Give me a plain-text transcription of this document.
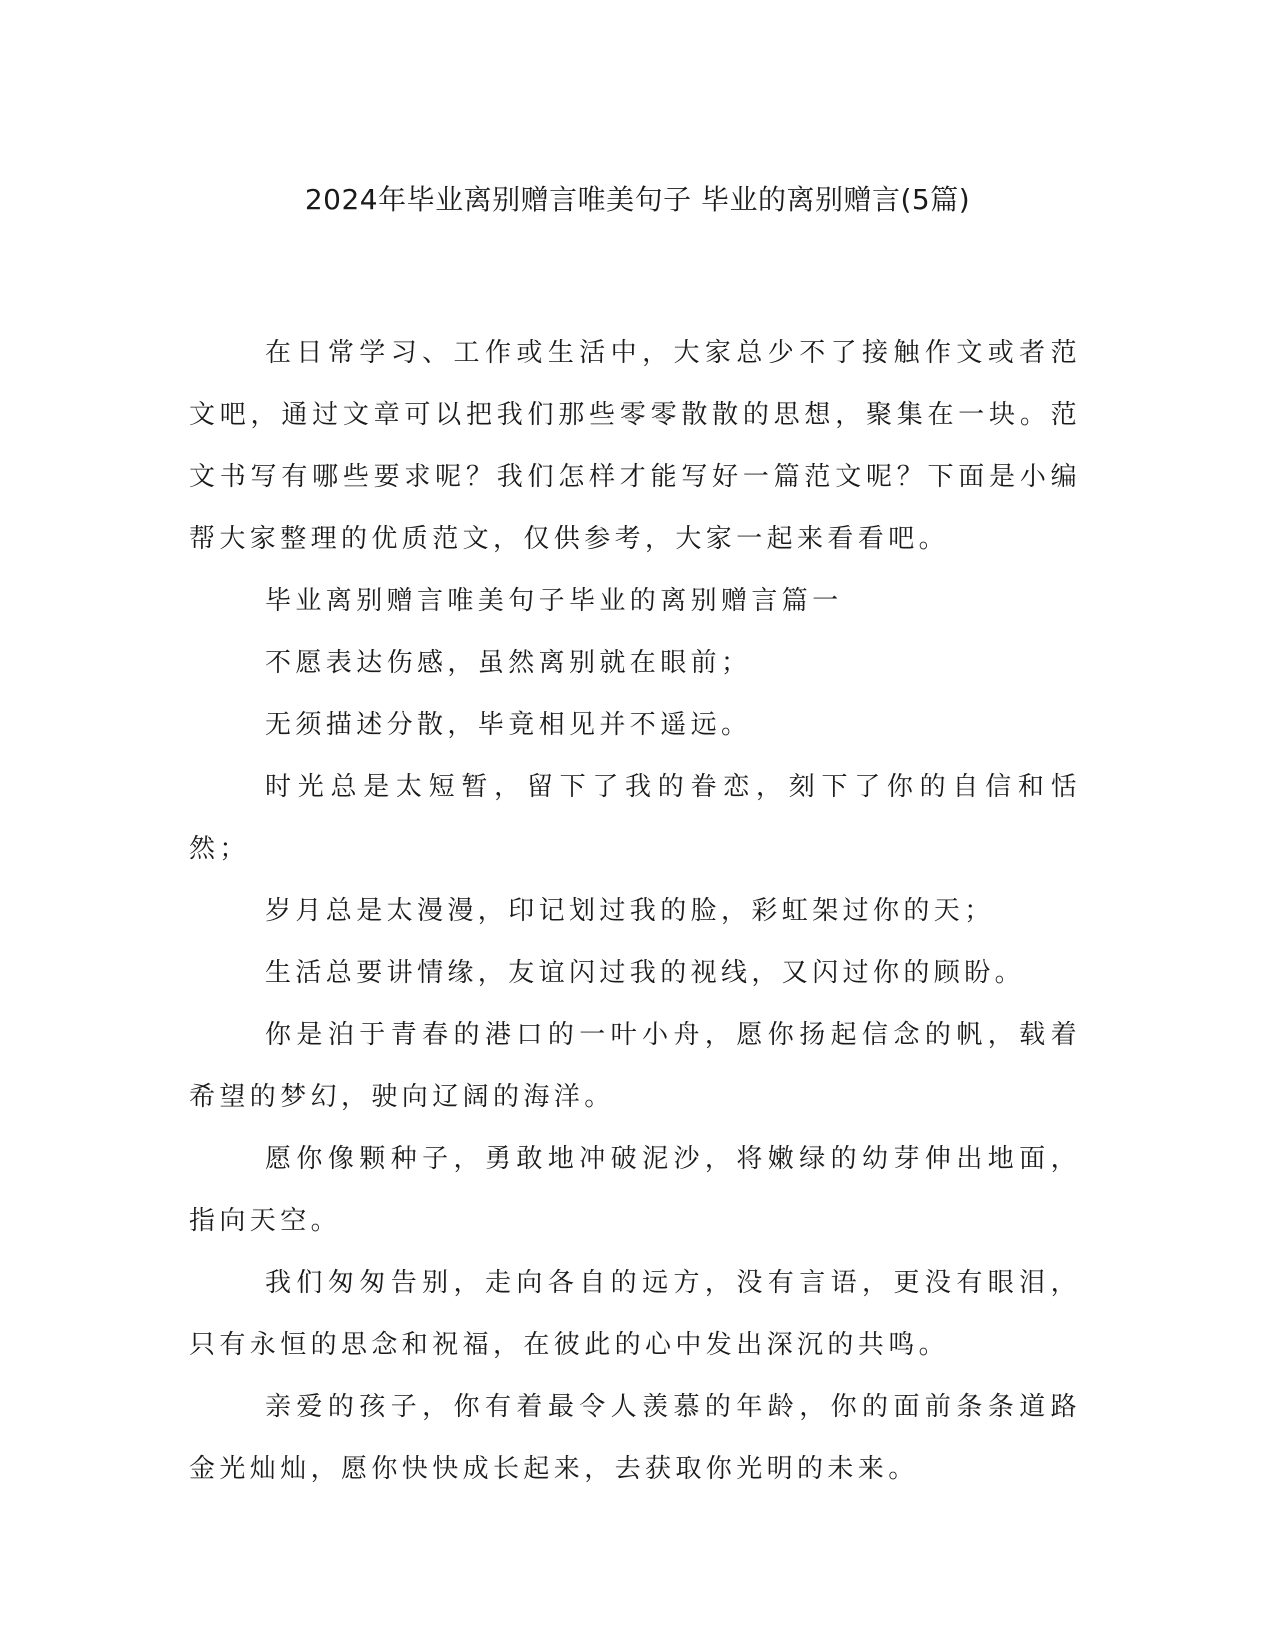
2024年毕业离别赠言唯美句子 毕业的离别赠言(5篇)

在日常学习、工作或生活中，大家总少不了接触作文或者范文吧，通过文章可以把我们那些零零散散的思想，聚集在一块。范文书写有哪些要求呢？我们怎样才能写好一篇范文呢？下面是小编帮大家整理的优质范文，仅供参考，大家一起来看看吧。

毕业离别赠言唯美句子毕业的离别赠言篇一

不愿表达伤感，虽然离别就在眼前；

无须描述分散，毕竟相见并不遥远。

时光总是太短暂，留下了我的眷恋，刻下了你的自信和恬然；

岁月总是太漫漫，印记划过我的脸，彩虹架过你的天；

生活总要讲情缘，友谊闪过我的视线，又闪过你的顾盼。

你是泊于青春的港口的一叶小舟，愿你扬起信念的帆，载着希望的梦幻，驶向辽阔的海洋。

愿你像颗种子，勇敢地冲破泥沙，将嫩绿的幼芽伸出地面，指向天空。

我们匆匆告别，走向各自的远方，没有言语，更没有眼泪，只有永恒的思念和祝福，在彼此的心中发出深沉的共鸣。

亲爱的孩子，你有着最令人羡慕的年龄，你的面前条条道路金光灿灿，愿你快快成长起来，去获取你光明的未来。
